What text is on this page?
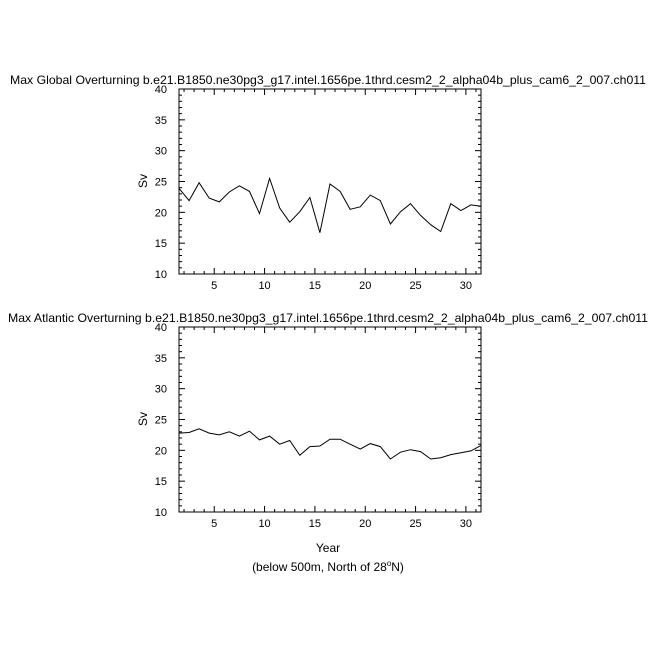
Max Global Overturning b.e21.B1850.ne30pg3_g17.intel.1656pe.1thrd.cesm2_2_alpha04b_plus_cam6_2_007.ch011
Sv
5	10	15	20	25	30
10
15
20
25
30
35
40
Max Atlantic Overturning b.e21.B1850.ne30pg3_g17.intel.1656pe.1thrd.cesm2_2_alpha04b_plus_cam6_2_007.ch011
Sv
Year
5	10	15	20	25	30
10
15
20
25
30
35
40
(below 500m, North of 28$^o$N)
